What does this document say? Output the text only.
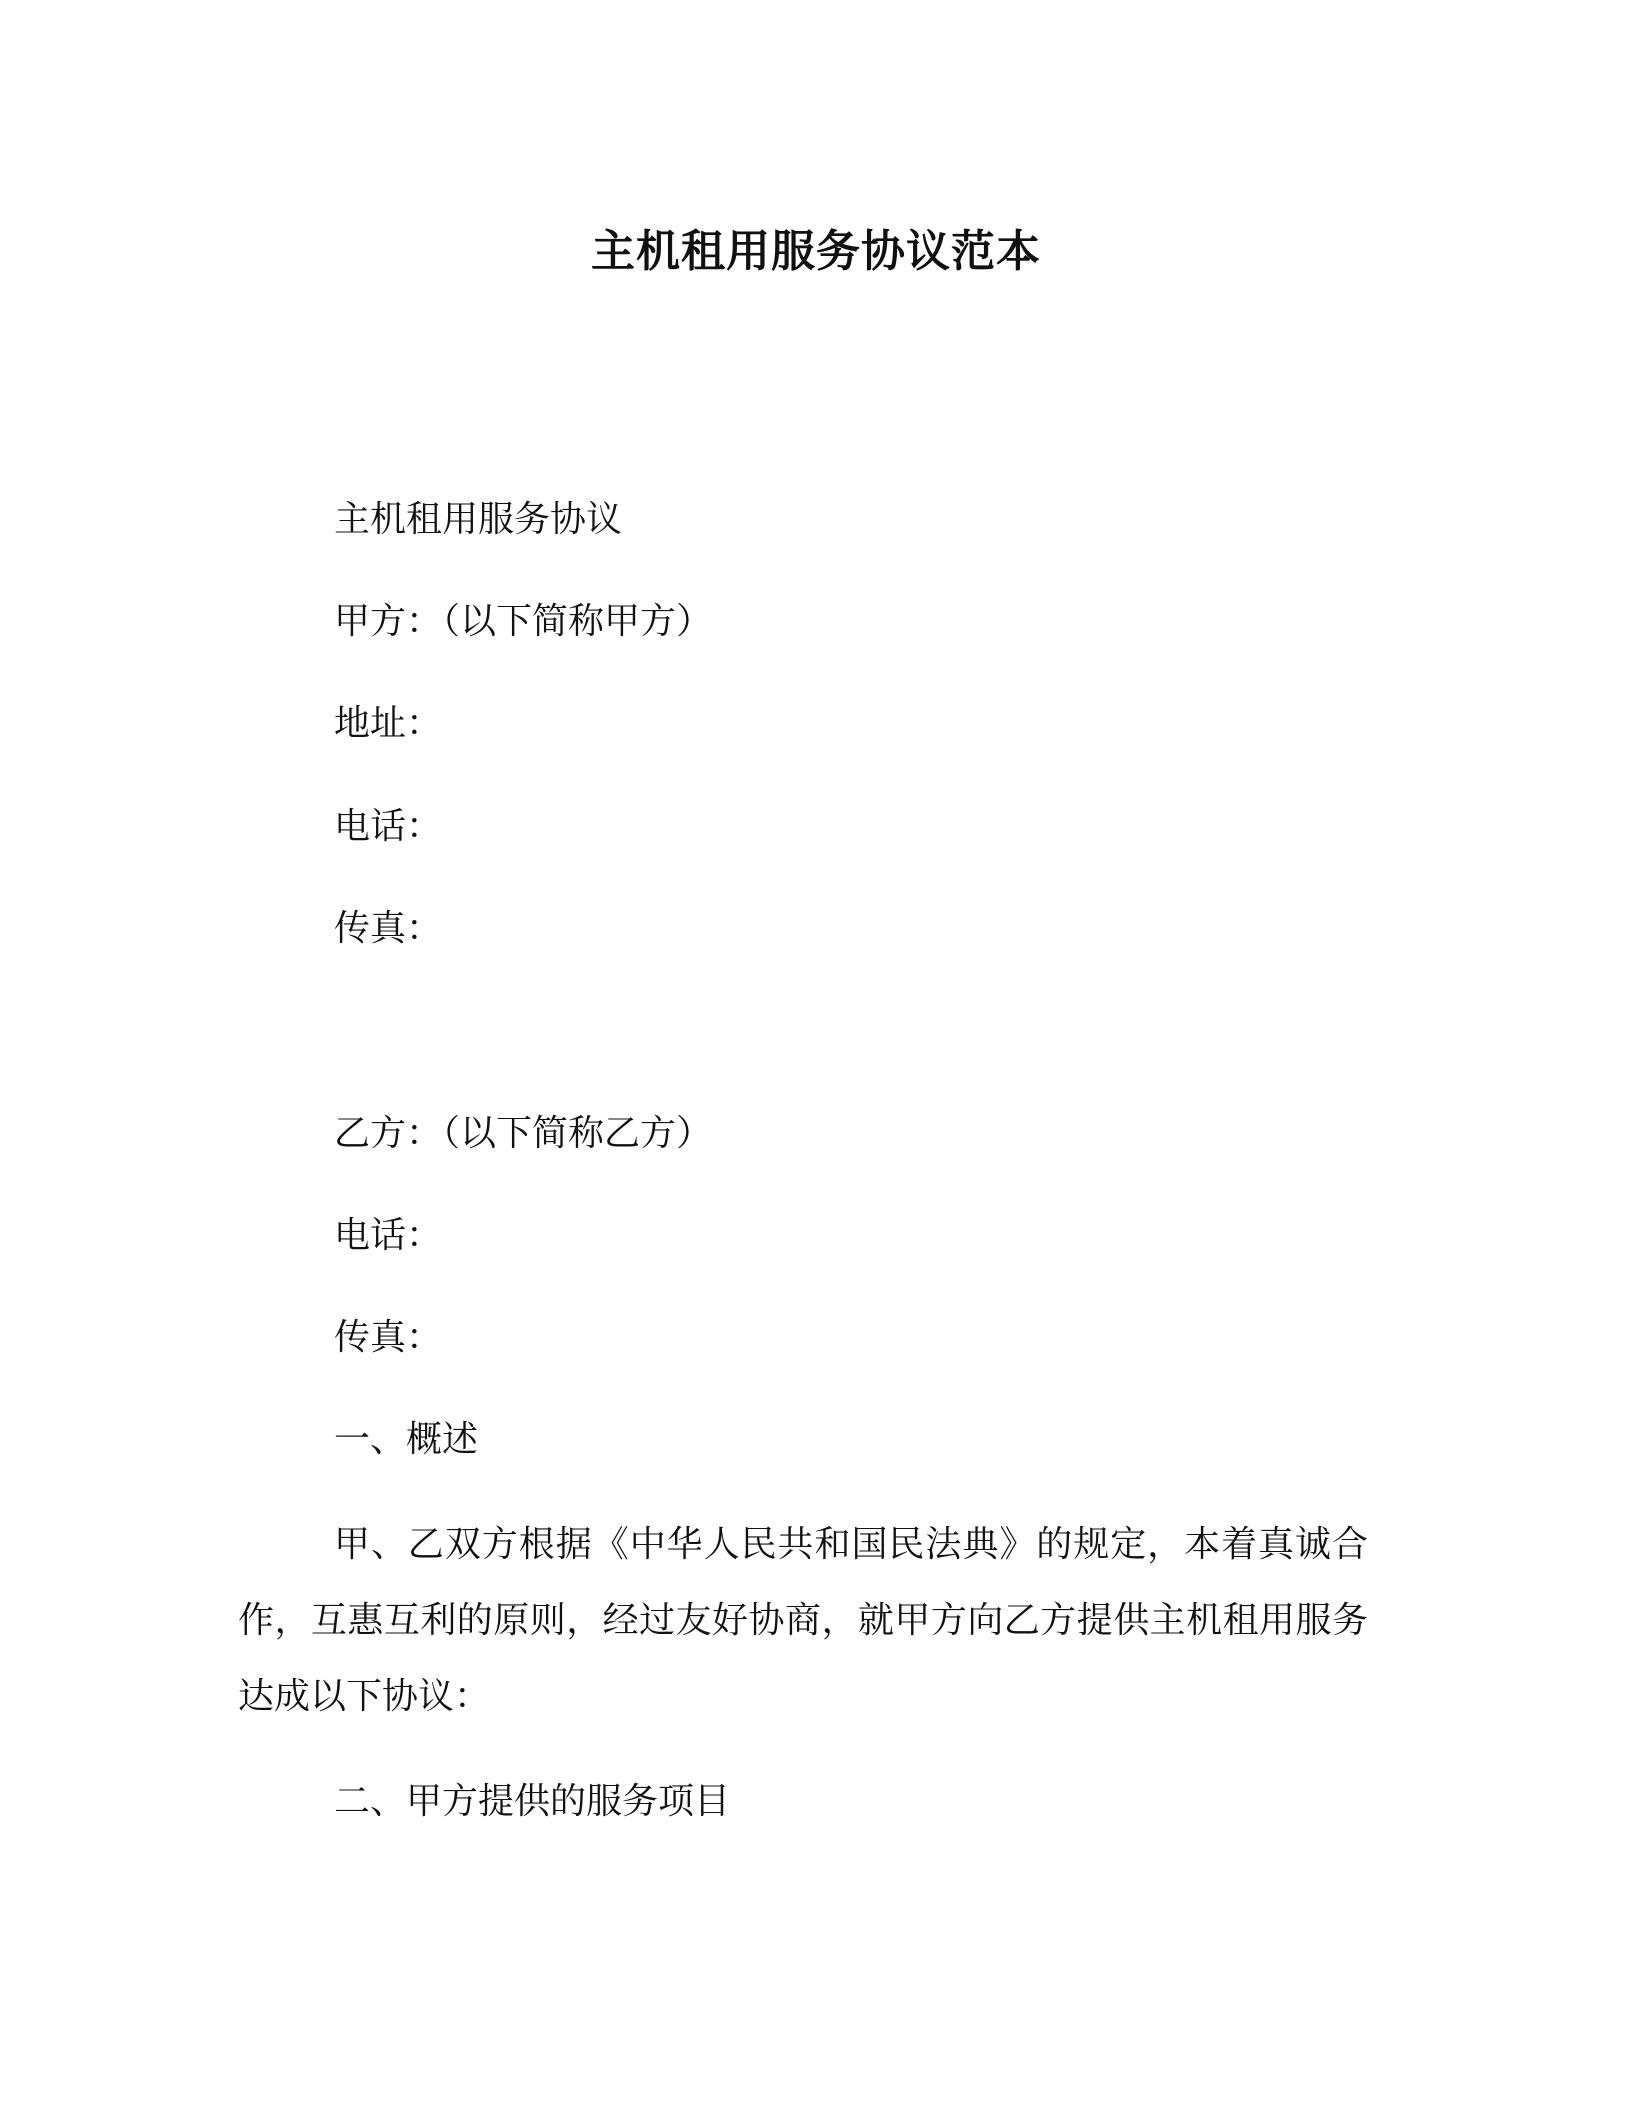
主机租用服务协议范本
主机租用服务协议
甲方：（以下简称甲方）
地址：
电话：
传真：
乙方：（以下简称乙方）
电话：
传真：
一、概述
甲、乙双方根据《中华人民共和国民法典》的规定，本着真诚合作，互惠互利的原则，经过友好协商，就甲方向乙方提供主机租用服务达成以下协议：
二、甲方提供的服务项目
